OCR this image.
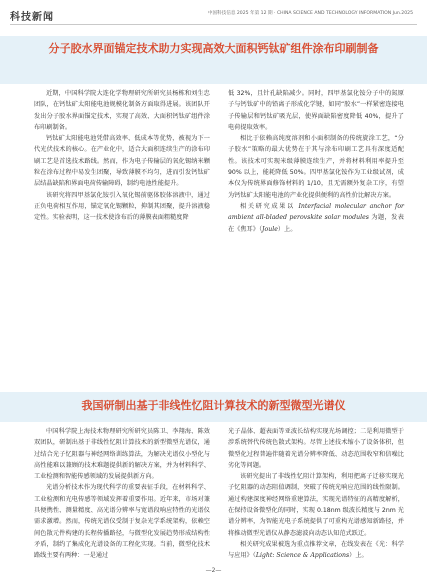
科技新闻	中国科技信息 2025 年第 12 期 · CHINA SCIENCE AND TECHNOLOGY INFORMATION Jun.2025
分子胶水界面锚定技术助力实现高效大面积钙钛矿组件涂布印刷制备

近期，中国科学院大连化学物理研究所研究员杨栋和刘生忠团队，在钙钛矿太阳能电池规模化制备方面取得进展。该团队开发出分子胶水界面锚定技术，实现了高效、大面积钙钛矿组件涂布印刷制备。

钙钛矿太阳能电池凭借高效率、低成本等优势，被视为下一代光伏技术的核心。在产业化中，适合大面积连续生产的涂布印刷工艺是首选技术路线。然而，作为电子传输层的氧化锡纳米颗粒在涂布过程中易发生团聚，导致薄膜不均匀，进而引发钙钛矿层结晶缺陷和界面电荷传输障碍，制约电池性能提升。

该研究将四甲基氯化铵引入氧化锡前驱体胶体溶液中，通过正负电荷相互作用，锚定氧化锡颗粒，抑制其团聚，提升溶液稳定性。实验表明，这一技术使涂布后的薄膜表面粗糙度降

低 32%，且针孔缺陷减少。同时，四甲基氯化铵分子中的氮原子与钙钛矿中的铅离子形成化学键，如同“胶水”一样紧密连接电子传输层和钙钛矿吸光层，使界面缺陷密度降低 40%，提升了电荷提取效率。

相比于依赖高纯度溶剂和小面积制备的传统旋涂工艺，“分子胶水”策略的最大优势在于其与涂布印刷工艺具有深度适配性。该技术可实现米级薄膜连续生产，并将材料利用率提升至 90% 以上，能耗降低 50%。四甲基氯化铵作为工业级试剂，成本仅为传统界面修饰材料的 1/10，且无需额外复杂工序，有望为钙钛矿太阳能电池的产业化提供便利的高性价比解决方案。

相关研究成果以 Interfacial molecular anchor for ambient all-bladed perovskite solar modules 为题，发表在《焦耳》（Joule）上。

我国研制出基于非线性忆阻计算技术的新型微型光谱仪

中国科学院上海技术物理研究所研究员陈卫、李翔海、陈效双团队，研制出基于非线性忆阻计算技术的新型微型光谱仪，通过结合光子忆阻器与神经网络训练算法，为解决光谱仪小型化与高性能难以兼顾的技术难题提供新的解决方案，并为材料科学、工业检测和智能传感领域的发展提供新方向。

光谱分析技术作为现代科学的重要表征手段，在材料科学、工业检测和光电传感等领域发挥着重要作用。近年来，市场对兼具便携性、测量精度、高光谱分辨率与宽谱段响应特性的光谱仪需求激增。然而，传统光谱仪受制于复杂光学系统架构，依赖空间色散元件构建的长程传播路径，与微型化发展趋势形成结构性矛盾，制约了集成化光谱设备的工程化实现。当前，微型化技术路线主要有两种：一是通过

光子晶体、超表面等亚波长结构实现光场调控；二是利用微型于涉系统替代传统色散式架构。尽管上述技术缩小了设备体积，但微型化过程普遍伴随着光谱分辨率降低、动态范围收窄和信噪比劣化等问题。

该研究提出了非线性忆阻计算架构，利用把离子迁移实现光子忆阻器的动态阻值调制，突破了传统光响应范围的线性限制。通过构建深度神经网络重建算法，实现光谱特征的高精度解析，在保持设备微型化的同时，实现 0.18nm 级波长精度与 2nm 光谱分辨率，为智能光电子系统提供了可重构光谱感知新路径，并将推动微型光谱仪从静态滤波向动态认知范式跃迁。

相关研究成果被选为重点推荐文章，在线发表在《光：科学与应用》（Light: Science & Applications）上。

—2—
